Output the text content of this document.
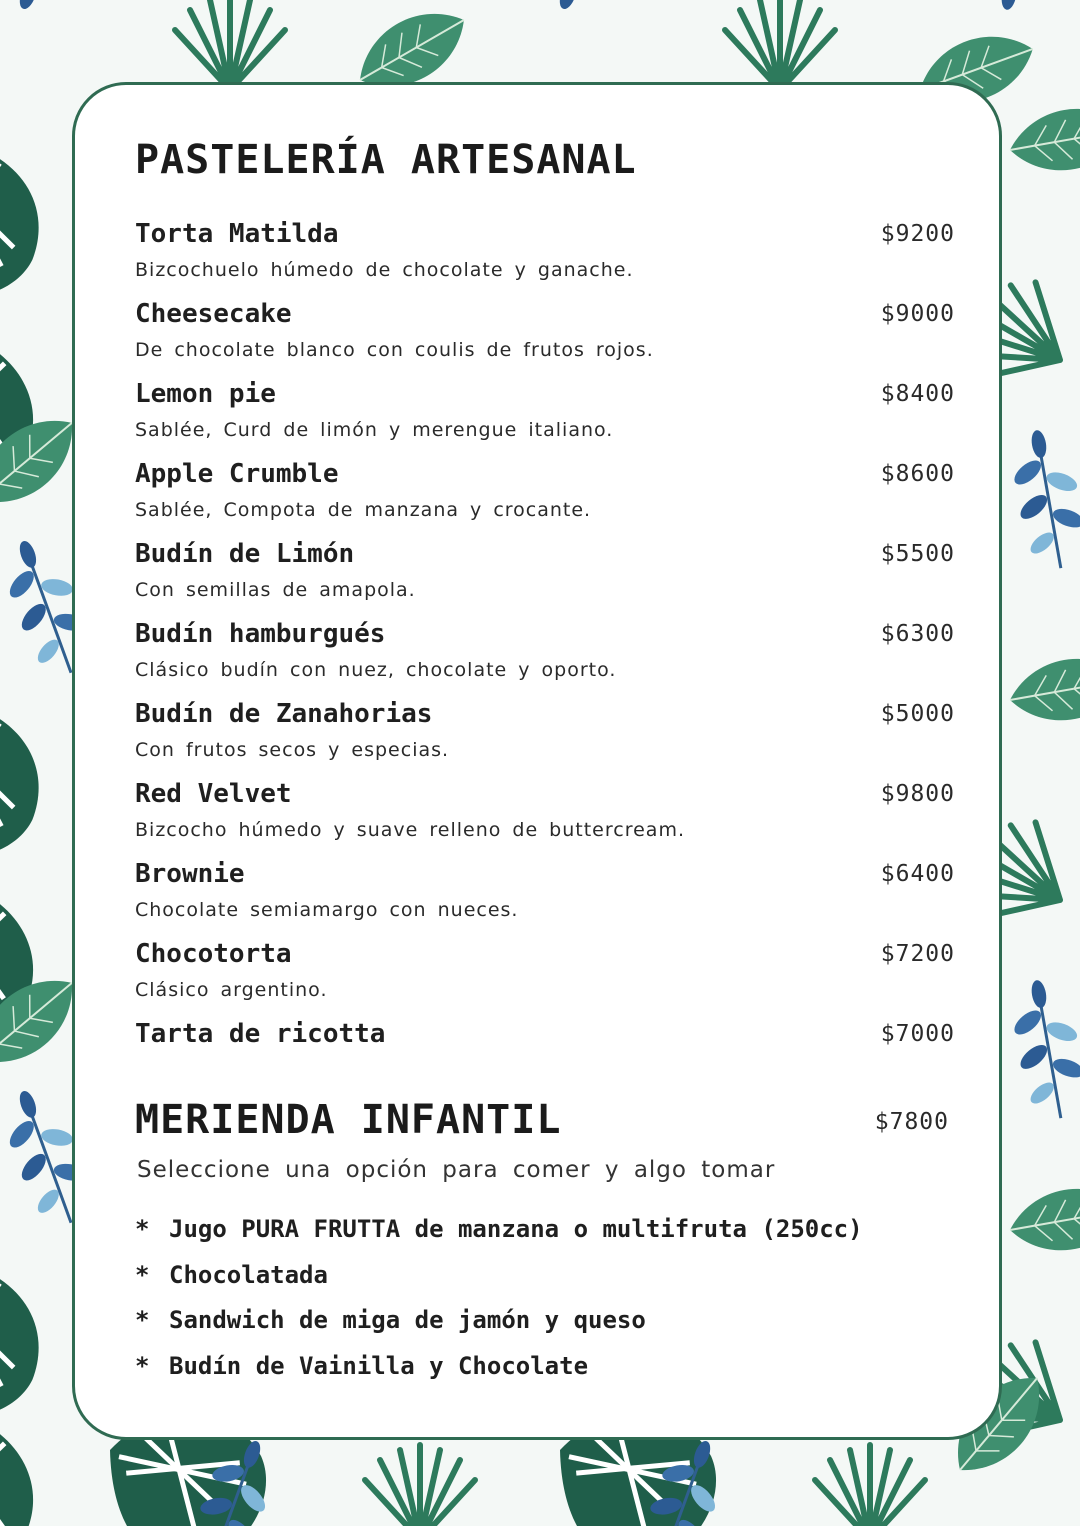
PASTELERÍA ARTESANAL
Torta Matilda	$9200
Bizcochuelo húmedo de chocolate y ganache.
Cheesecake	$9000
De chocolate blanco con coulis de frutos rojos.
Lemon pie	$8400
Sablée, Curd de limón y merengue italiano.
Apple Crumble	$8600
Sablée, Compota de manzana y crocante.
Budín de Limón	$5500
Con semillas de amapola.
Budín hamburgués	$6300
Clásico budín con nuez, chocolate y oporto.
Budín de Zanahorias	$5000
Con frutos secos y especias.
Red Velvet	$9800
Bizcocho húmedo y suave relleno de buttercream.
Brownie	$6400
Chocolate semiamargo con nueces.
Chocotorta	$7200
Clásico argentino.
Tarta de ricotta	$7000
MERIENDA INFANTIL	$7800
Seleccione una opción para comer y algo tomar
* Jugo PURA FRUTTA de manzana o multifruta (250cc)
* Chocolatada
* Sandwich de miga de jamón y queso
* Budín de Vainilla y Chocolate
